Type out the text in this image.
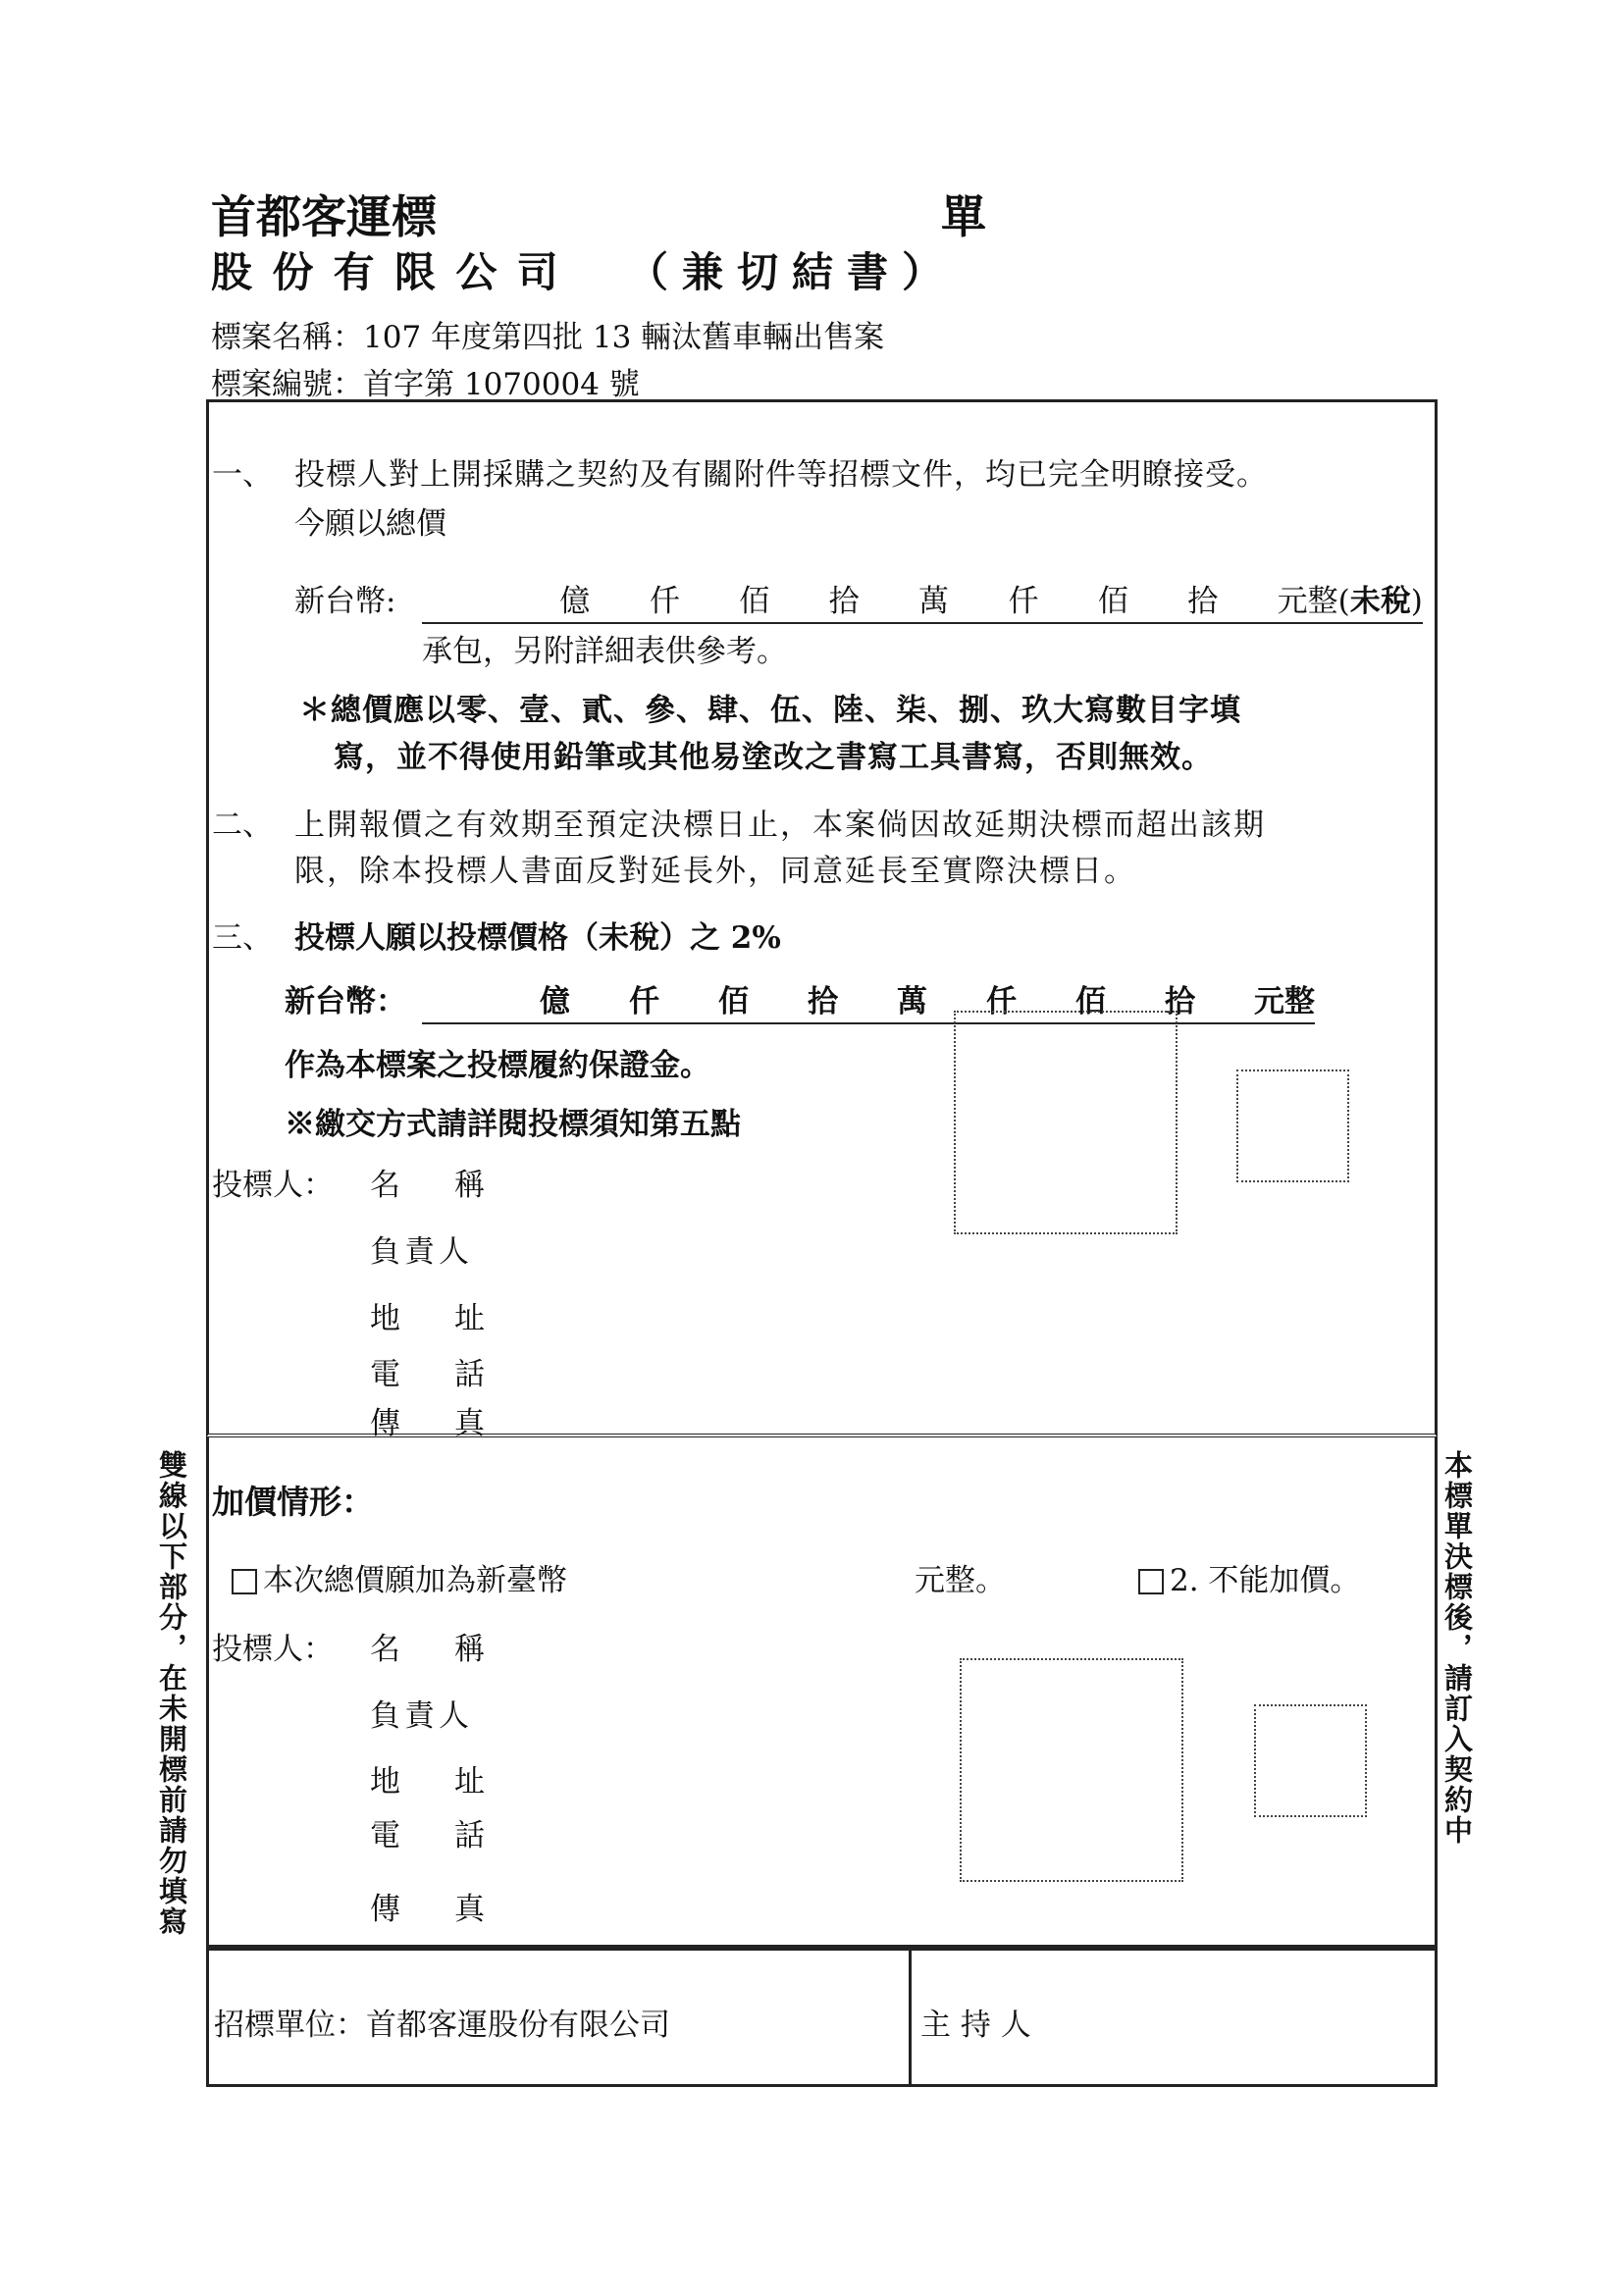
首 都 客 運 標	單
股 份 有 限 公 司 （兼切結書）
標案名稱：107 年度第四批 13 輛汰舊車輛出售案
標案編號：首字第 1070004 號
一、 投標人對上開採購之契約及有關附件等招標文件，均已完全明瞭接受。
今願以總價
新台幣:	億 仟 佰 拾 萬 仟 佰 拾 元整(未稅)
承包，另附詳細表供參考。
＊總價應以零、壹、貳、參、肆、伍、陸、柒、捌、玖大寫數目字填
寫，並不得使用鉛筆或其他易塗改之書寫工具書寫，否則無效。
二、 上開報價之有效期至預定決標日止，本案倘因故延期決標而超出該期
限，除本投標人書面反對延長外，同意延長至實際決標日。
三、 投標人願以投標價格（未稅）之 2%
新台幣：	億 仟 佰 拾 萬 仟 佰 拾 元整
作為本標案之投標履約保證金。
※繳交方式請詳閱投標須知第五點
投標人： 名　稱
負責人
地　址
電　話
傳　真
加價情形：
本次總價願加為新臺幣	元整。	2. 不能加價。
投標人： 名　稱
負責人
地　址
電　話
傳　真
招標單位：首都客運股份有限公司	主 持 人
雙線以下部分，在未開標前請勿填寫	本標單決標後，請訂入契約中
